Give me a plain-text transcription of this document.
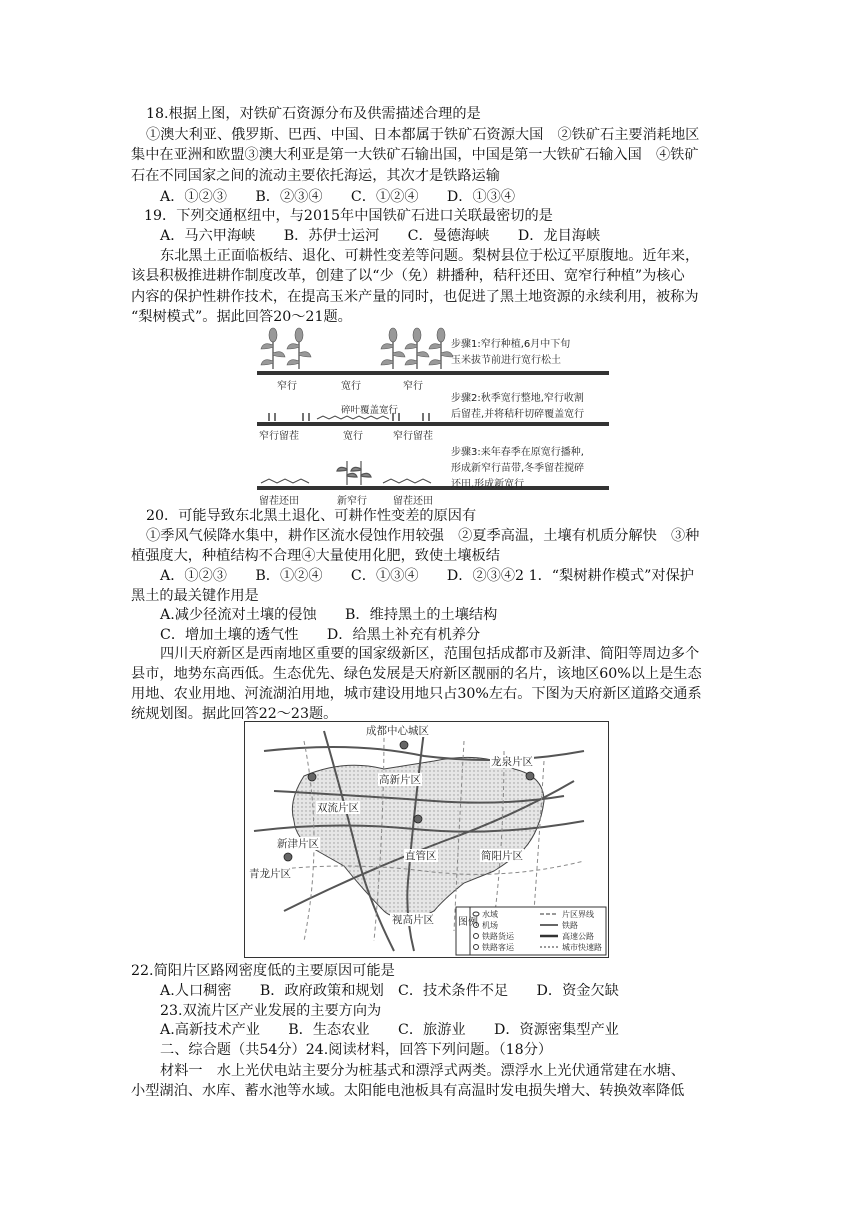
18.根据上图，对铁矿石资源分布及供需描述合理的是
①澳大利亚、俄罗斯、巴西、中国、日本都属于铁矿石资源大国　②铁矿石主要消耗地区
集中在亚洲和欧盟③澳大利亚是第一大铁矿石输出国，中国是第一大铁矿石输入国　④铁矿
石在不同国家之间的流动主要依托海运，其次才是铁路运输
A．①②③　　B．②③④　　C．①②④　　D．①③④
19．下列交通枢纽中，与2015年中国铁矿石进口关联最密切的是
A．马六甲海峡　　B．苏伊士运河　　C．曼德海峡　　D．龙目海峡
东北黑土正面临板结、退化、可耕性变差等问题。梨树县位于松辽平原腹地。近年来，
该县积极推进耕作制度改革，创建了以“少（免）耕播种，秸秆还田、宽窄行种植”为核心
内容的保护性耕作技术，在提高玉米产量的同时，也促进了黑土地资源的永续利用，被称为
“梨树模式”。据此回答20～21题。
步骤1:窄行种植,6月中下旬
玉米拔节前进行宽行松土
窄行	宽行	窄行
碎叶覆盖宽行
步骤2:秋季宽行整地,窄行收割
后留茬,并将秸秆切碎覆盖宽行
窄行留茬	宽行	窄行留茬
步骤3:来年春季在原宽行播种,
形成新窄行苗带,冬季留茬搅碎
还田,形成新宽行
留茬还田	新窄行	留茬还田
20．可能导致东北黑土退化、可耕作性变差的原因有
①季风气候降水集中，耕作区流水侵蚀作用较强　②夏季高温，土壤有机质分解快　③种
植强度大，种植结构不合理④大量使用化肥，致使土壤板结
A．①②③　　B．①②④　　C．①③④　　D．②③④2 1．“梨树耕作模式”对保护
黑土的最关键作用是
A.减少径流对土壤的侵蚀　　B．维持黑土的土壤结构
C．增加土壤的透气性　　D．给黑土补充有机养分
四川天府新区是西南地区重要的国家级新区，范围包括成都市及新津、简阳等周边多个
县市，地势东高西低。生态优先、绿色发展是天府新区靓丽的名片，该地区60%以上是生态
用地、农业用地、河流湖泊用地，城市建设用地只占30%左右。下图为天府新区道路交通系
统规划图。据此回答22～23题。
成都中心城区
高新片区
龙泉片区
双流片区
直管区
新津片区
简阳片区
青龙片区
视高片区 图例
水域	片区界线
机场	铁路
铁路货运	高速公路
铁路客运	城市快速路
22.简阳片区路网密度低的主要原因可能是
A.人口稠密　　B．政府政策和规划　C．技术条件不足　　D．资金欠缺
23.双流片区产业发展的主要方向为
A.高新技术产业　　B．生态农业　　C．旅游业　　D．资源密集型产业
二、综合题（共54分）24.阅读材料，回答下列问题。（18分）
材料一　水上光伏电站主要分为桩基式和漂浮式两类。漂浮水上光伏通常建在水塘、
小型湖泊、水库、蓄水池等水域。太阳能电池板具有高温时发电损失增大、转换效率降低
